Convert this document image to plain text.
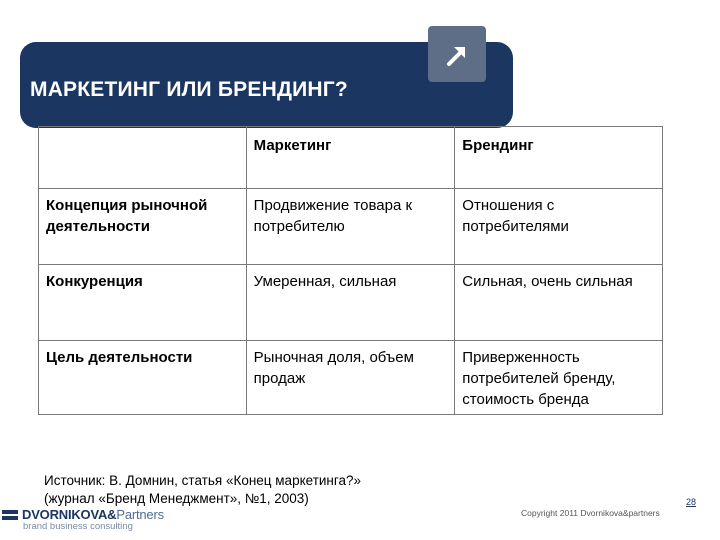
МАРКЕТИНГ ИЛИ БРЕНДИНГ?
	Маркетинг	Брендинг
Концепция рыночной деятельности	Продвижение товара к потребителю	Отношения с потребителями
Конкуренция	Умеренная, сильная	Сильная, очень сильная
Цель деятельности	Рыночная доля, объем продаж	Приверженность потребителей бренду, стоимость бренда
Источник: В. Домнин, статья «Конец маркетинга?»
(журнал «Бренд Менеджмент», №1, 2003)
DVORNIKOVA&Partners
brand business consulting
Copyright 2011 Dvornikova&partners
28
